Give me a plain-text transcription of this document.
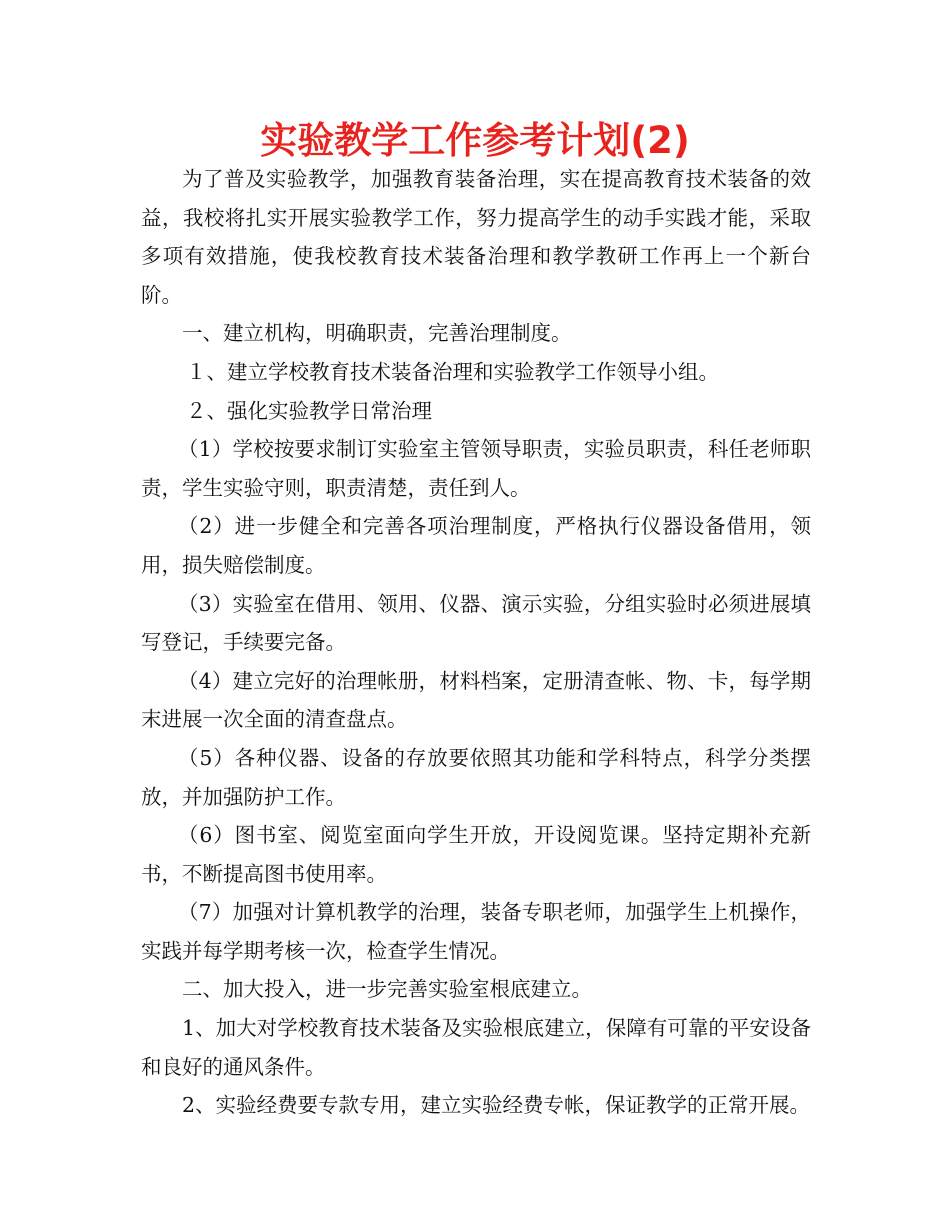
实验教学工作参考计划(2)

为了普及实验教学，加强教育装备治理，实在提高教育技术装备的效益，我校将扎实开展实验教学工作，努力提高学生的动手实践才能，采取多项有效措施，使我校教育技术装备治理和教学教研工作再上一个新台阶。

一、建立机构，明确职责，完善治理制度。

１、建立学校教育技术装备治理和实验教学工作领导小组。

２、强化实验教学日常治理

（1）学校按要求制订实验室主管领导职责，实验员职责，科任老师职责，学生实验守则，职责清楚，责任到人。

（2）进一步健全和完善各项治理制度，严格执行仪器设备借用，领用，损失赔偿制度。

（3）实验室在借用、领用、仪器、演示实验，分组实验时必须进展填写登记，手续要完备。

（4）建立完好的治理帐册，材料档案，定册清查帐、物、卡，每学期末进展一次全面的清查盘点。

（5）各种仪器、设备的存放要依照其功能和学科特点，科学分类摆放，并加强防护工作。

（6）图书室、阅览室面向学生开放，开设阅览课。坚持定期补充新书，不断提高图书使用率。

（7）加强对计算机教学的治理，装备专职老师，加强学生上机操作，实践并每学期考核一次，检查学生情况。

二、加大投入，进一步完善实验室根底建立。

1、加大对学校教育技术装备及实验根底建立，保障有可靠的平安设备和良好的通风条件。

2、实验经费要专款专用，建立实验经费专帐，保证教学的正常开展。
